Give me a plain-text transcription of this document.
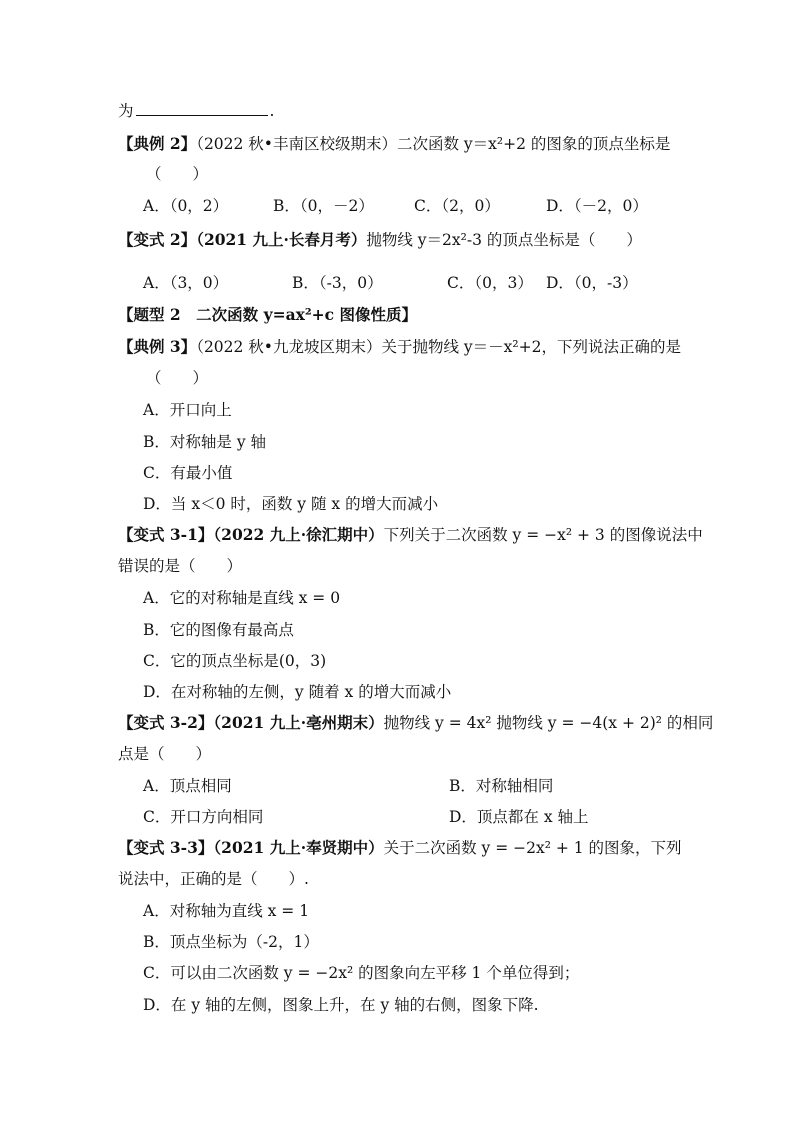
为	.
【典例 2】（2022 秋•丰南区校级期末）二次函数 y＝x²+2 的图象的顶点坐标是
（　　）
A．（0，2）	B．（0，－2）	C．（2，0）	D．（－2，0）
【变式 2】（2021 九上·长春月考）抛物线 y＝2x²-3 的顶点坐标是（　　）
A．（3，0）	B．（-3，0）	C．（0，3） D．（0，-3）
【题型 2　二次函数 y=ax²+c 图像性质】
【典例 3】（2022 秋•九龙坡区期末）关于抛物线 y＝－x²+2，下列说法正确的是
（　　）
A．开口向上
B．对称轴是 y 轴
C．有最小值
D．当 x＜0 时，函数 y 随 x 的增大而减小
【变式 3-1】（2022 九上·徐汇期中）下列关于二次函数 y = −x² + 3 的图像说法中
错误的是（　　）
A．它的对称轴是直线 x = 0
B．它的图像有最高点
C．它的顶点坐标是(0，3)
D．在对称轴的左侧，y 随着 x 的增大而减小
【变式 3-2】（2021 九上·亳州期末）抛物线 y = 4x² 抛物线 y = −4(x + 2)² 的相同
点是（　　）
A．顶点相同	B．对称轴相同
C．开口方向相同	D．顶点都在 x 轴上
【变式 3-3】（2021 九上·奉贤期中）关于二次函数 y = −2x² + 1 的图象，下列
说法中，正确的是（　　）.
A．对称轴为直线 x = 1
B．顶点坐标为（-2，1）
C．可以由二次函数 y = −2x² 的图象向左平移 1 个单位得到；
D．在 y 轴的左侧，图象上升，在 y 轴的右侧，图象下降.
